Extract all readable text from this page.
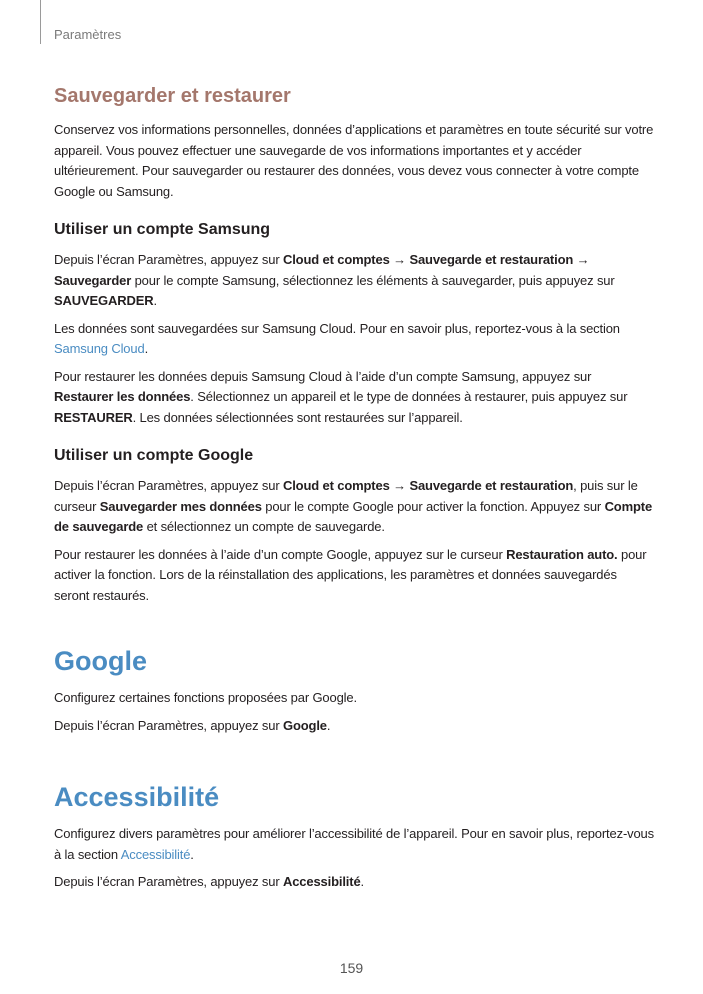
Paramètres
Sauvegarder et restaurer

Conservez vos informations personnelles, données d’applications et paramètres en toute sécurité sur votre appareil. Vous pouvez effectuer une sauvegarde de vos informations importantes et y accéder ultérieurement. Pour sauvegarder ou restaurer des données, vous devez vous connecter à votre compte Google ou Samsung.

Utiliser un compte Samsung

Depuis l’écran Paramètres, appuyez sur Cloud et comptes → Sauvegarde et restauration → Sauvegarder pour le compte Samsung, sélectionnez les éléments à sauvegarder, puis appuyez sur SAUVEGARDER.

Les données sont sauvegardées sur Samsung Cloud. Pour en savoir plus, reportez-vous à la section Samsung Cloud.

Pour restaurer les données depuis Samsung Cloud à l’aide d’un compte Samsung, appuyez sur Restaurer les données. Sélectionnez un appareil et le type de données à restaurer, puis appuyez sur RESTAURER. Les données sélectionnées sont restaurées sur l’appareil.

Utiliser un compte Google

Depuis l’écran Paramètres, appuyez sur Cloud et comptes → Sauvegarde et restauration, puis sur le curseur Sauvegarder mes données pour le compte Google pour activer la fonction. Appuyez sur Compte de sauvegarde et sélectionnez un compte de sauvegarde.

Pour restaurer les données à l’aide d’un compte Google, appuyez sur le curseur Restauration auto. pour activer la fonction. Lors de la réinstallation des applications, les paramètres et données sauvegardés seront restaurés.

Google

Configurez certaines fonctions proposées par Google.

Depuis l’écran Paramètres, appuyez sur Google.

Accessibilité

Configurez divers paramètres pour améliorer l’accessibilité de l’appareil. Pour en savoir plus, reportez-vous à la section Accessibilité.

Depuis l’écran Paramètres, appuyez sur Accessibilité.

159
